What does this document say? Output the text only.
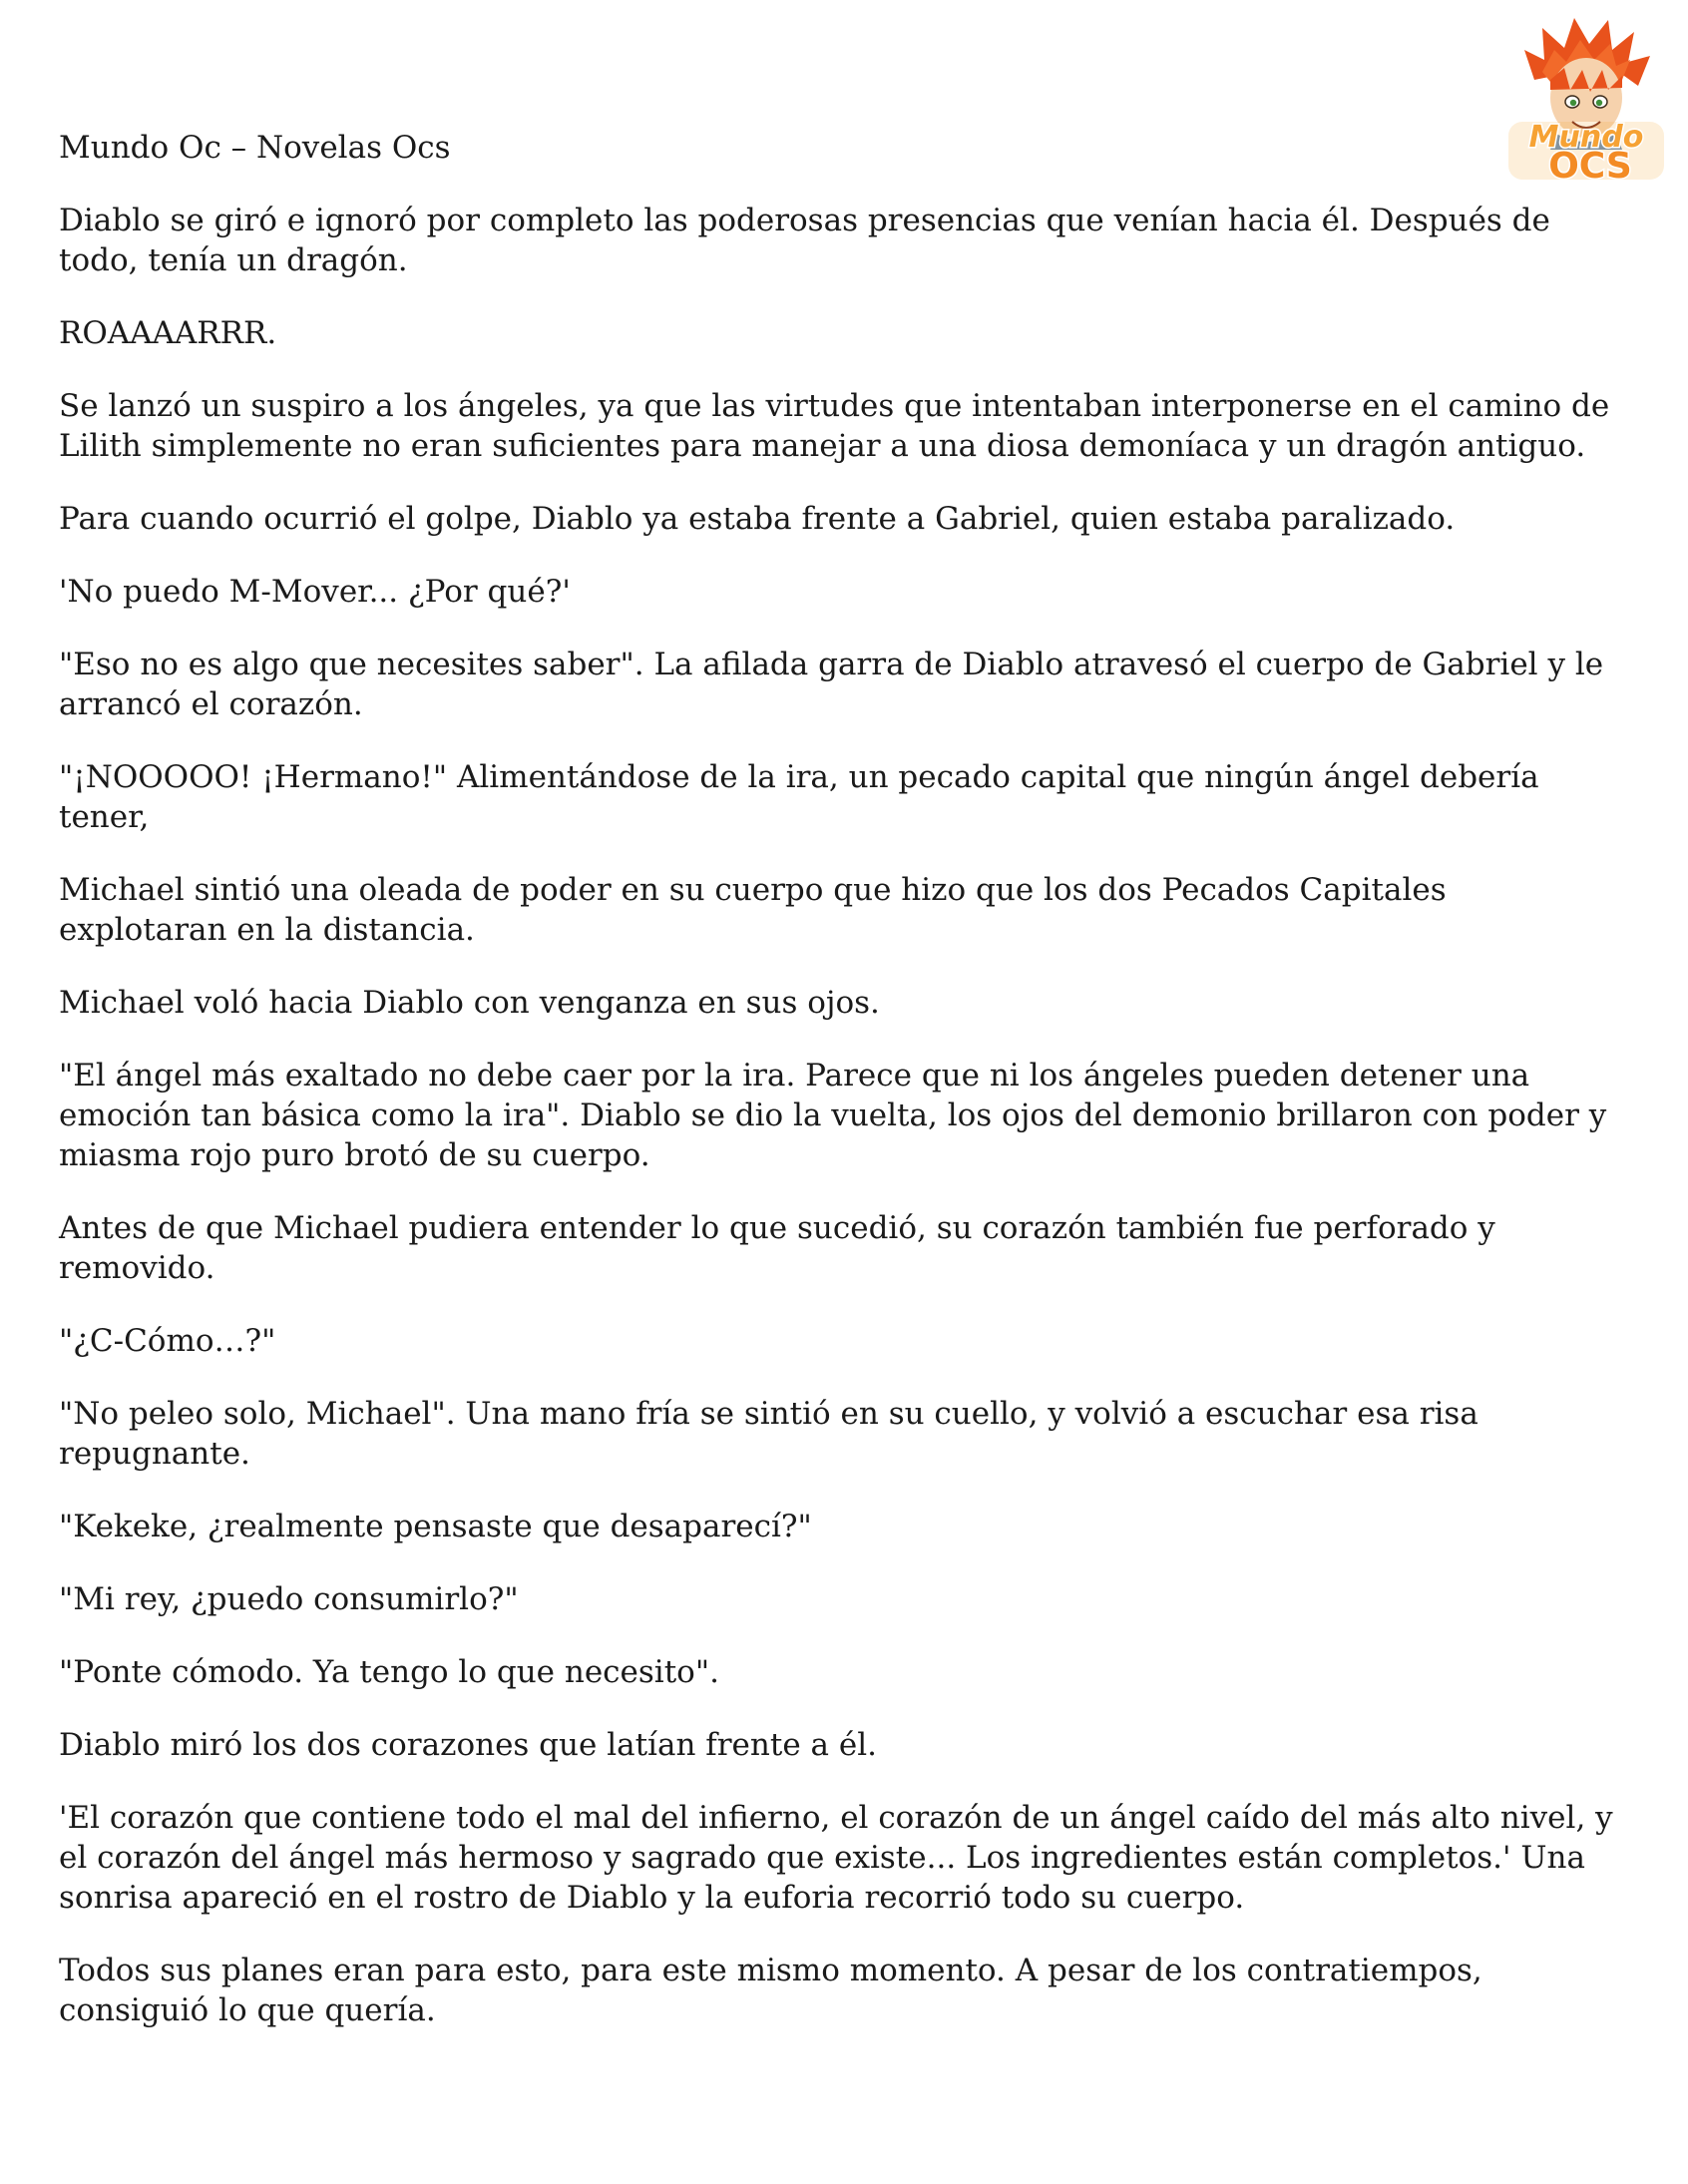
Mundo
OCS

Mundo Oc – Novelas Ocs

Diablo se giró e ignoró por completo las poderosas presencias que venían hacia él. Después de todo, tenía un dragón.

ROAAAARRR.

Se lanzó un suspiro a los ángeles, ya que las virtudes que intentaban interponerse en el camino de Lilith simplemente no eran suficientes para manejar a una diosa demoníaca y un dragón antiguo.

Para cuando ocurrió el golpe, Diablo ya estaba frente a Gabriel, quien estaba paralizado.

'No puedo M-Mover... ¿Por qué?'

"Eso no es algo que necesites saber". La afilada garra de Diablo atravesó el cuerpo de Gabriel y le arrancó el corazón.

"¡NOOOOO! ¡Hermano!" Alimentándose de la ira, un pecado capital que ningún ángel debería tener,

Michael sintió una oleada de poder en su cuerpo que hizo que los dos Pecados Capitales explotaran en la distancia.

Michael voló hacia Diablo con venganza en sus ojos.

"El ángel más exaltado no debe caer por la ira. Parece que ni los ángeles pueden detener una emoción tan básica como la ira". Diablo se dio la vuelta, los ojos del demonio brillaron con poder y miasma rojo puro brotó de su cuerpo.

Antes de que Michael pudiera entender lo que sucedió, su corazón también fue perforado y removido.

"¿C-Cómo…?"

"No peleo solo, Michael". Una mano fría se sintió en su cuello, y volvió a escuchar esa risa repugnante.

"Kekeke, ¿realmente pensaste que desaparecí?"

"Mi rey, ¿puedo consumirlo?"

"Ponte cómodo. Ya tengo lo que necesito".

Diablo miró los dos corazones que latían frente a él.

'El corazón que contiene todo el mal del infierno, el corazón de un ángel caído del más alto nivel, y el corazón del ángel más hermoso y sagrado que existe... Los ingredientes están completos.' Una sonrisa apareció en el rostro de Diablo y la euforia recorrió todo su cuerpo.

Todos sus planes eran para esto, para este mismo momento. A pesar de los contratiempos, consiguió lo que quería.
